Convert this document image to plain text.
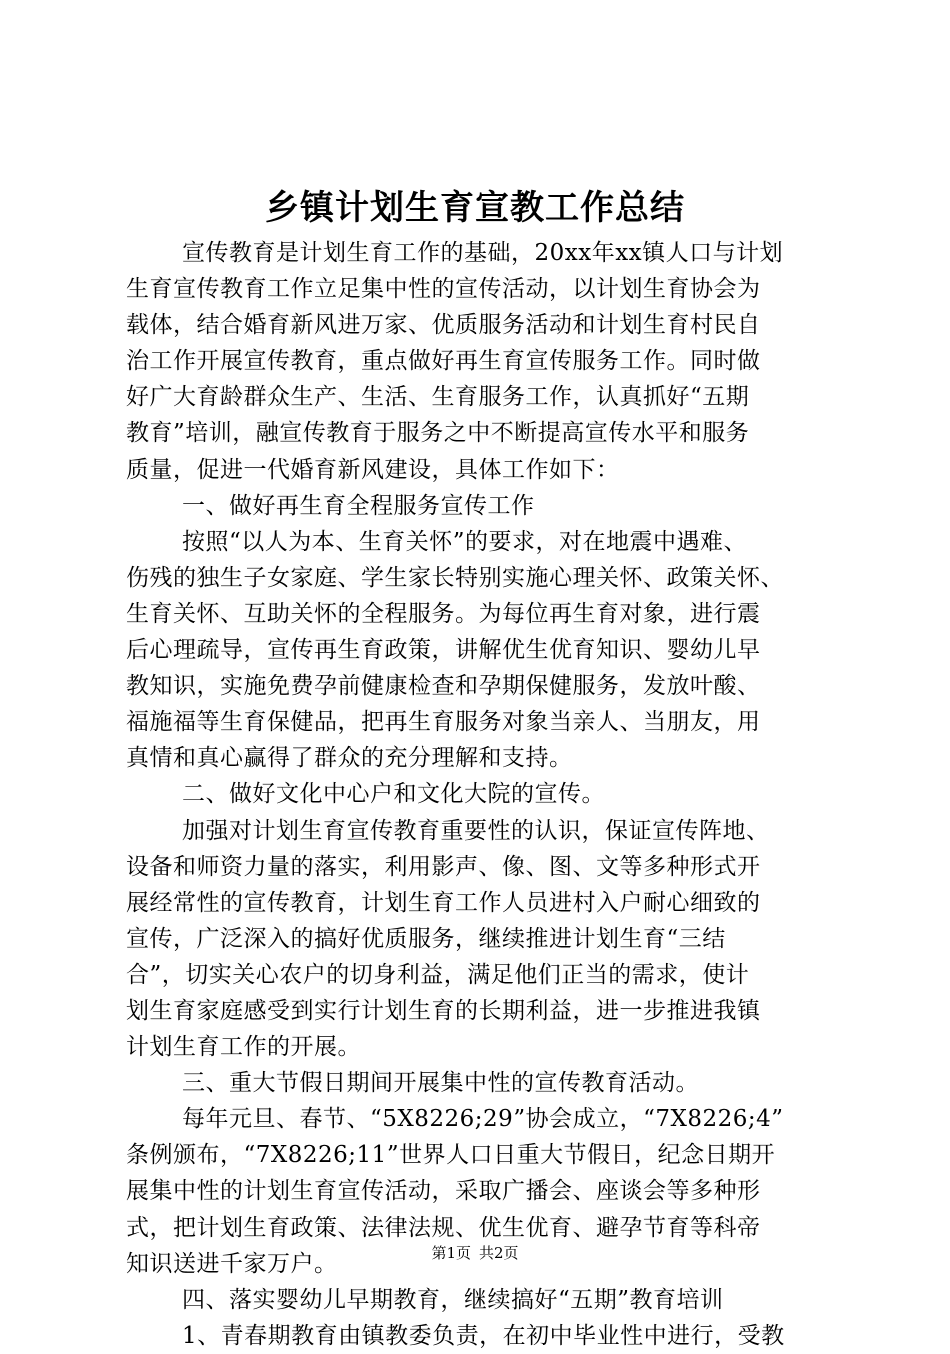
乡镇计划生育宣教工作总结
宣传教育是计划生育工作的基础，20xx年xx镇人口与计划
生育宣传教育工作立足集中性的宣传活动，以计划生育协会为
载体，结合婚育新风进万家、优质服务活动和计划生育村民自
治工作开展宣传教育，重点做好再生育宣传服务工作。同时做
好广大育龄群众生产、生活、生育服务工作，认真抓好“五期
教育”培训，融宣传教育于服务之中不断提高宣传水平和服务
质量，促进一代婚育新风建设，具体工作如下：
一、做好再生育全程服务宣传工作
按照“以人为本、生育关怀”的要求，对在地震中遇难、
伤残的独生子女家庭、学生家长特别实施心理关怀、政策关怀、
生育关怀、互助关怀的全程服务。为每位再生育对象，进行震
后心理疏导，宣传再生育政策，讲解优生优育知识、婴幼儿早
教知识，实施免费孕前健康检查和孕期保健服务，发放叶酸、
福施福等生育保健品，把再生育服务对象当亲人、当朋友，用
真情和真心赢得了群众的充分理解和支持。
二、做好文化中心户和文化大院的宣传。
加强对计划生育宣传教育重要性的认识，保证宣传阵地、
设备和师资力量的落实，利用影声、像、图、文等多种形式开
展经常性的宣传教育，计划生育工作人员进村入户耐心细致的
宣传，广泛深入的搞好优质服务，继续推进计划生育“三结
合”，切实关心农户的切身利益，满足他们正当的需求，使计
划生育家庭感受到实行计划生育的长期利益，进一步推进我镇
计划生育工作的开展。
三、重大节假日期间开展集中性的宣传教育活动。
每年元旦、春节、“5X8226;29”协会成立，“7X8226;4”
条例颁布，“7X8226;11”世界人口日重大节假日，纪念日期开
展集中性的计划生育宣传活动，采取广播会、座谈会等多种形
式，把计划生育政策、法律法规、优生优育、避孕节育等科帝
知识送进千家万户。
四、落实婴幼儿早期教育，继续搞好“五期”教育培训
1、青春期教育由镇教委负责，在初中毕业性中进行，受教
第1页 共2页
